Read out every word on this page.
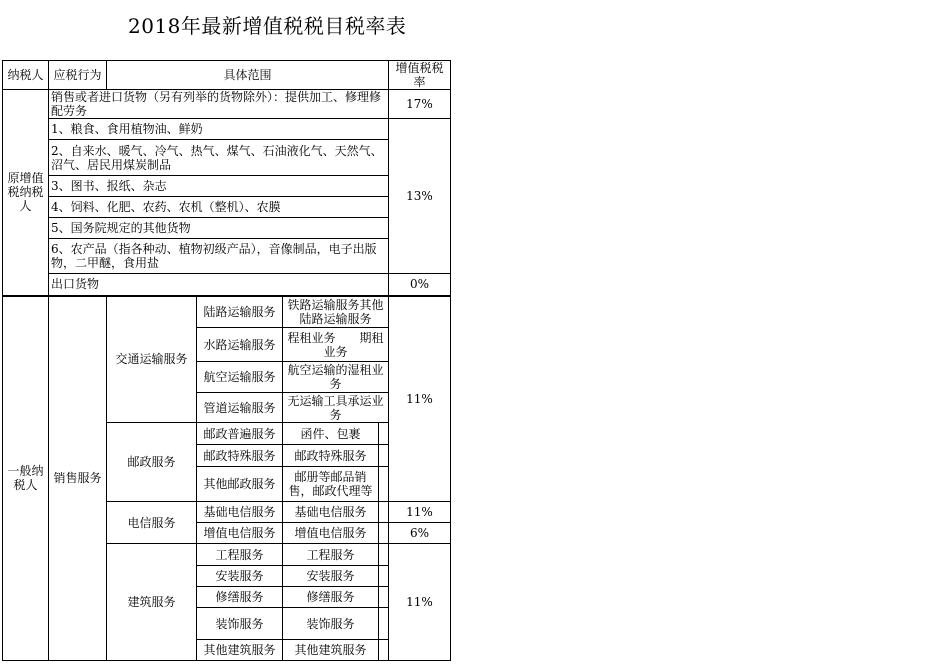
2018年最新增值税税目税率表
纳税人	应税行为	具体范围				增值税税率
原增值税纳税人	销售或者进口货物（另有列举的货物除外）：提供加工、修理修配劳务					17%
	1、粮食、食用植物油、鲜奶					13%
	2、自来水、暖气、冷气、热气、煤气、石油液化气、天然气、沼气、居民用煤炭制品					
	3、图书、报纸、杂志					
	4、饲料、化肥、农药、农机（整机）、农膜					
	5、国务院规定的其他货物					
	6、农产品（指各种动、植物初级产品），音像制品，电子出版物，二甲醚，食用盐					
	出口货物					0%
一般纳税人	销售服务	交通运输服务	陆路运输服务	铁路运输服务其他陆路运输服务		11%
			水路运输服务	程租业务　　期租业务		
			航空运输服务	航空运输的湿租业务		
			管道运输服务	无运输工具承运业务		
		邮政服务	邮政普遍服务	函件、包裹		
			邮政特殊服务	邮政特殊服务		
			其他邮政服务	邮册等邮品销售，邮政代理等		
		电信服务	基础电信服务	基础电信服务		11%
			增值电信服务	增值电信服务		6%
		建筑服务	工程服务	工程服务		11%
			安装服务	安装服务		
			修缮服务	修缮服务		
			装饰服务	装饰服务		
			其他建筑服务	其他建筑服务		
